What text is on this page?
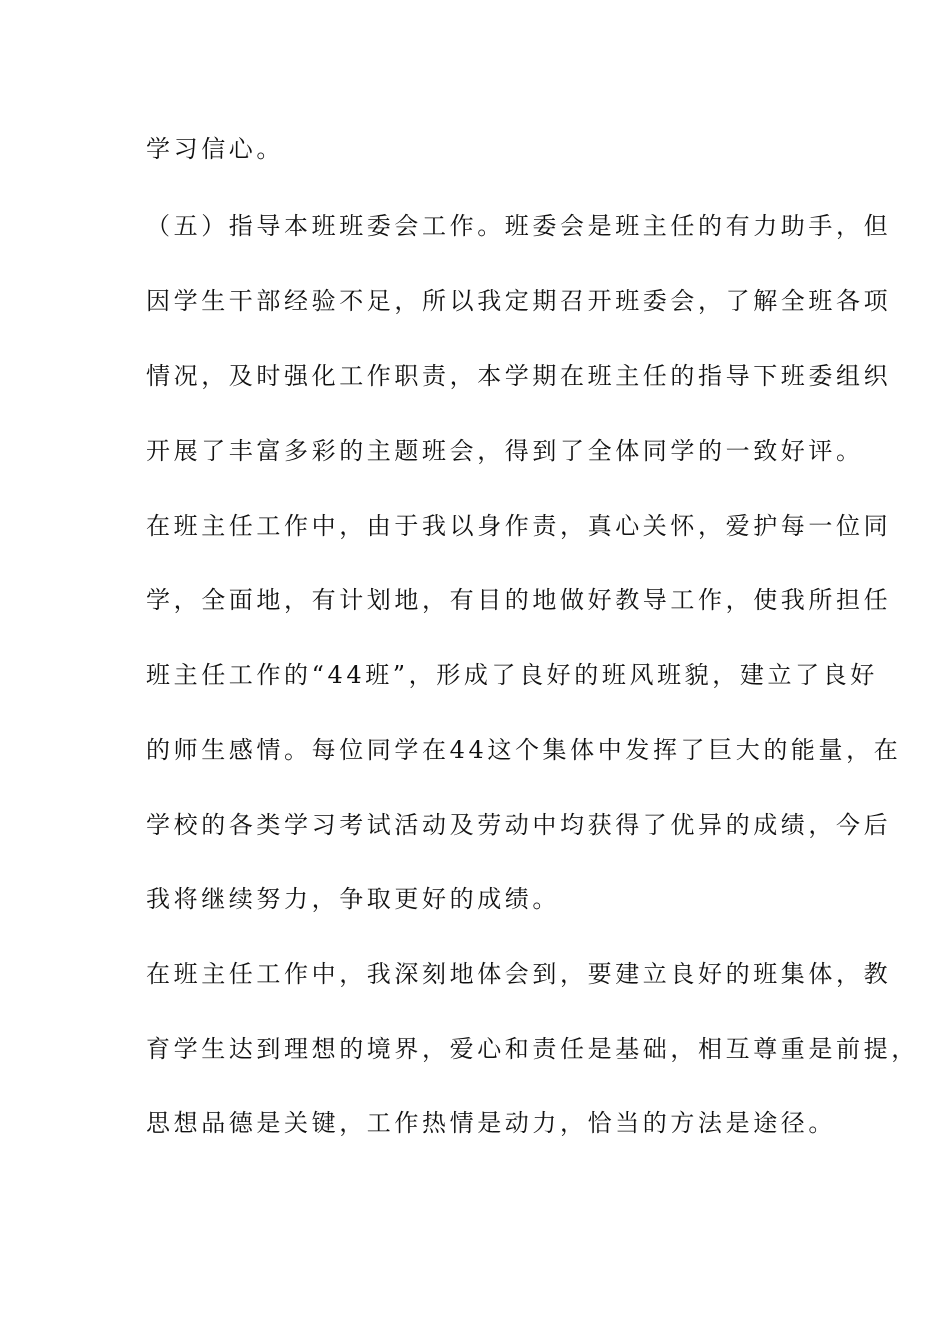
学习信心。
（五）指导本班班委会工作。班委会是班主任的有力助手，但
因学生干部经验不足，所以我定期召开班委会，了解全班各项
情况，及时强化工作职责，本学期在班主任的指导下班委组织
开展了丰富多彩的主题班会，得到了全体同学的一致好评。
在班主任工作中，由于我以身作责，真心关怀，爱护每一位同
学，全面地，有计划地，有目的地做好教导工作，使我所担任
班主任工作的“44班”，形成了良好的班风班貌，建立了良好
的师生感情。每位同学在44这个集体中发挥了巨大的能量，在
学校的各类学习考试活动及劳动中均获得了优异的成绩，今后
我将继续努力，争取更好的成绩。
在班主任工作中，我深刻地体会到，要建立良好的班集体，教
育学生达到理想的境界，爱心和责任是基础，相互尊重是前提，
思想品德是关键，工作热情是动力，恰当的方法是途径。
